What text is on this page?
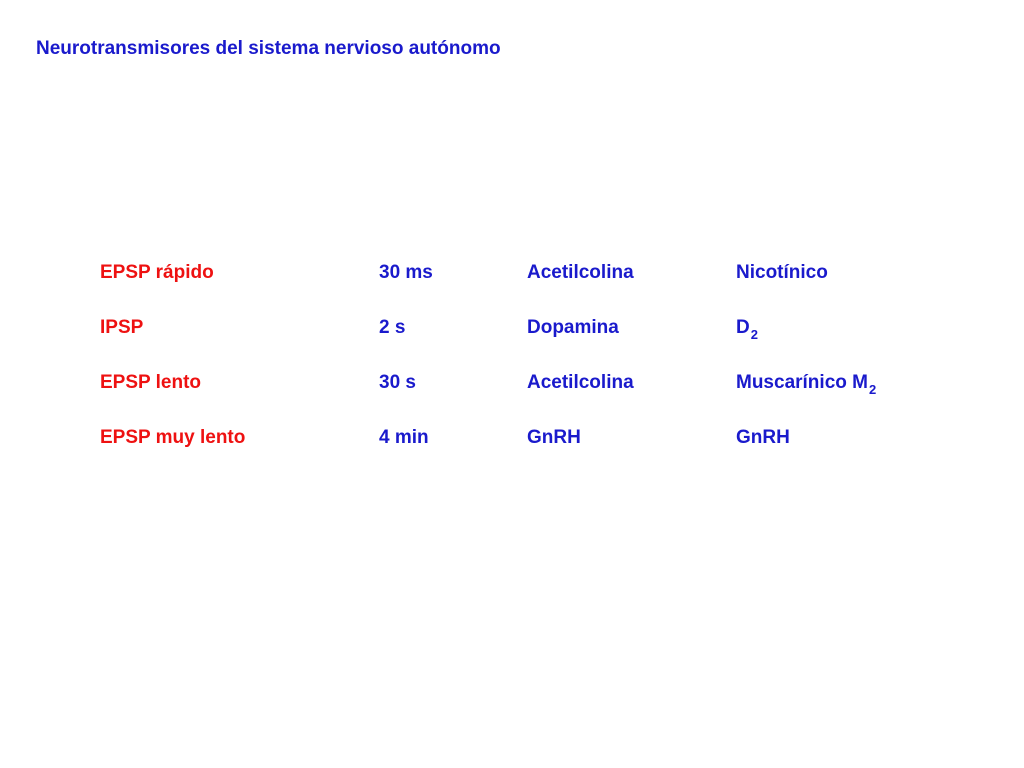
Neurotransmisores del sistema nervioso autónomo
EPSP rápido	30 ms	Acetilcolina	Nicotínico
IPSP	2 s	Dopamina	$D_2$
EPSP lento	30 s	Acetilcolina	Muscarínico $M_2$
EPSP muy lento	4 min	GnRH	GnRH
